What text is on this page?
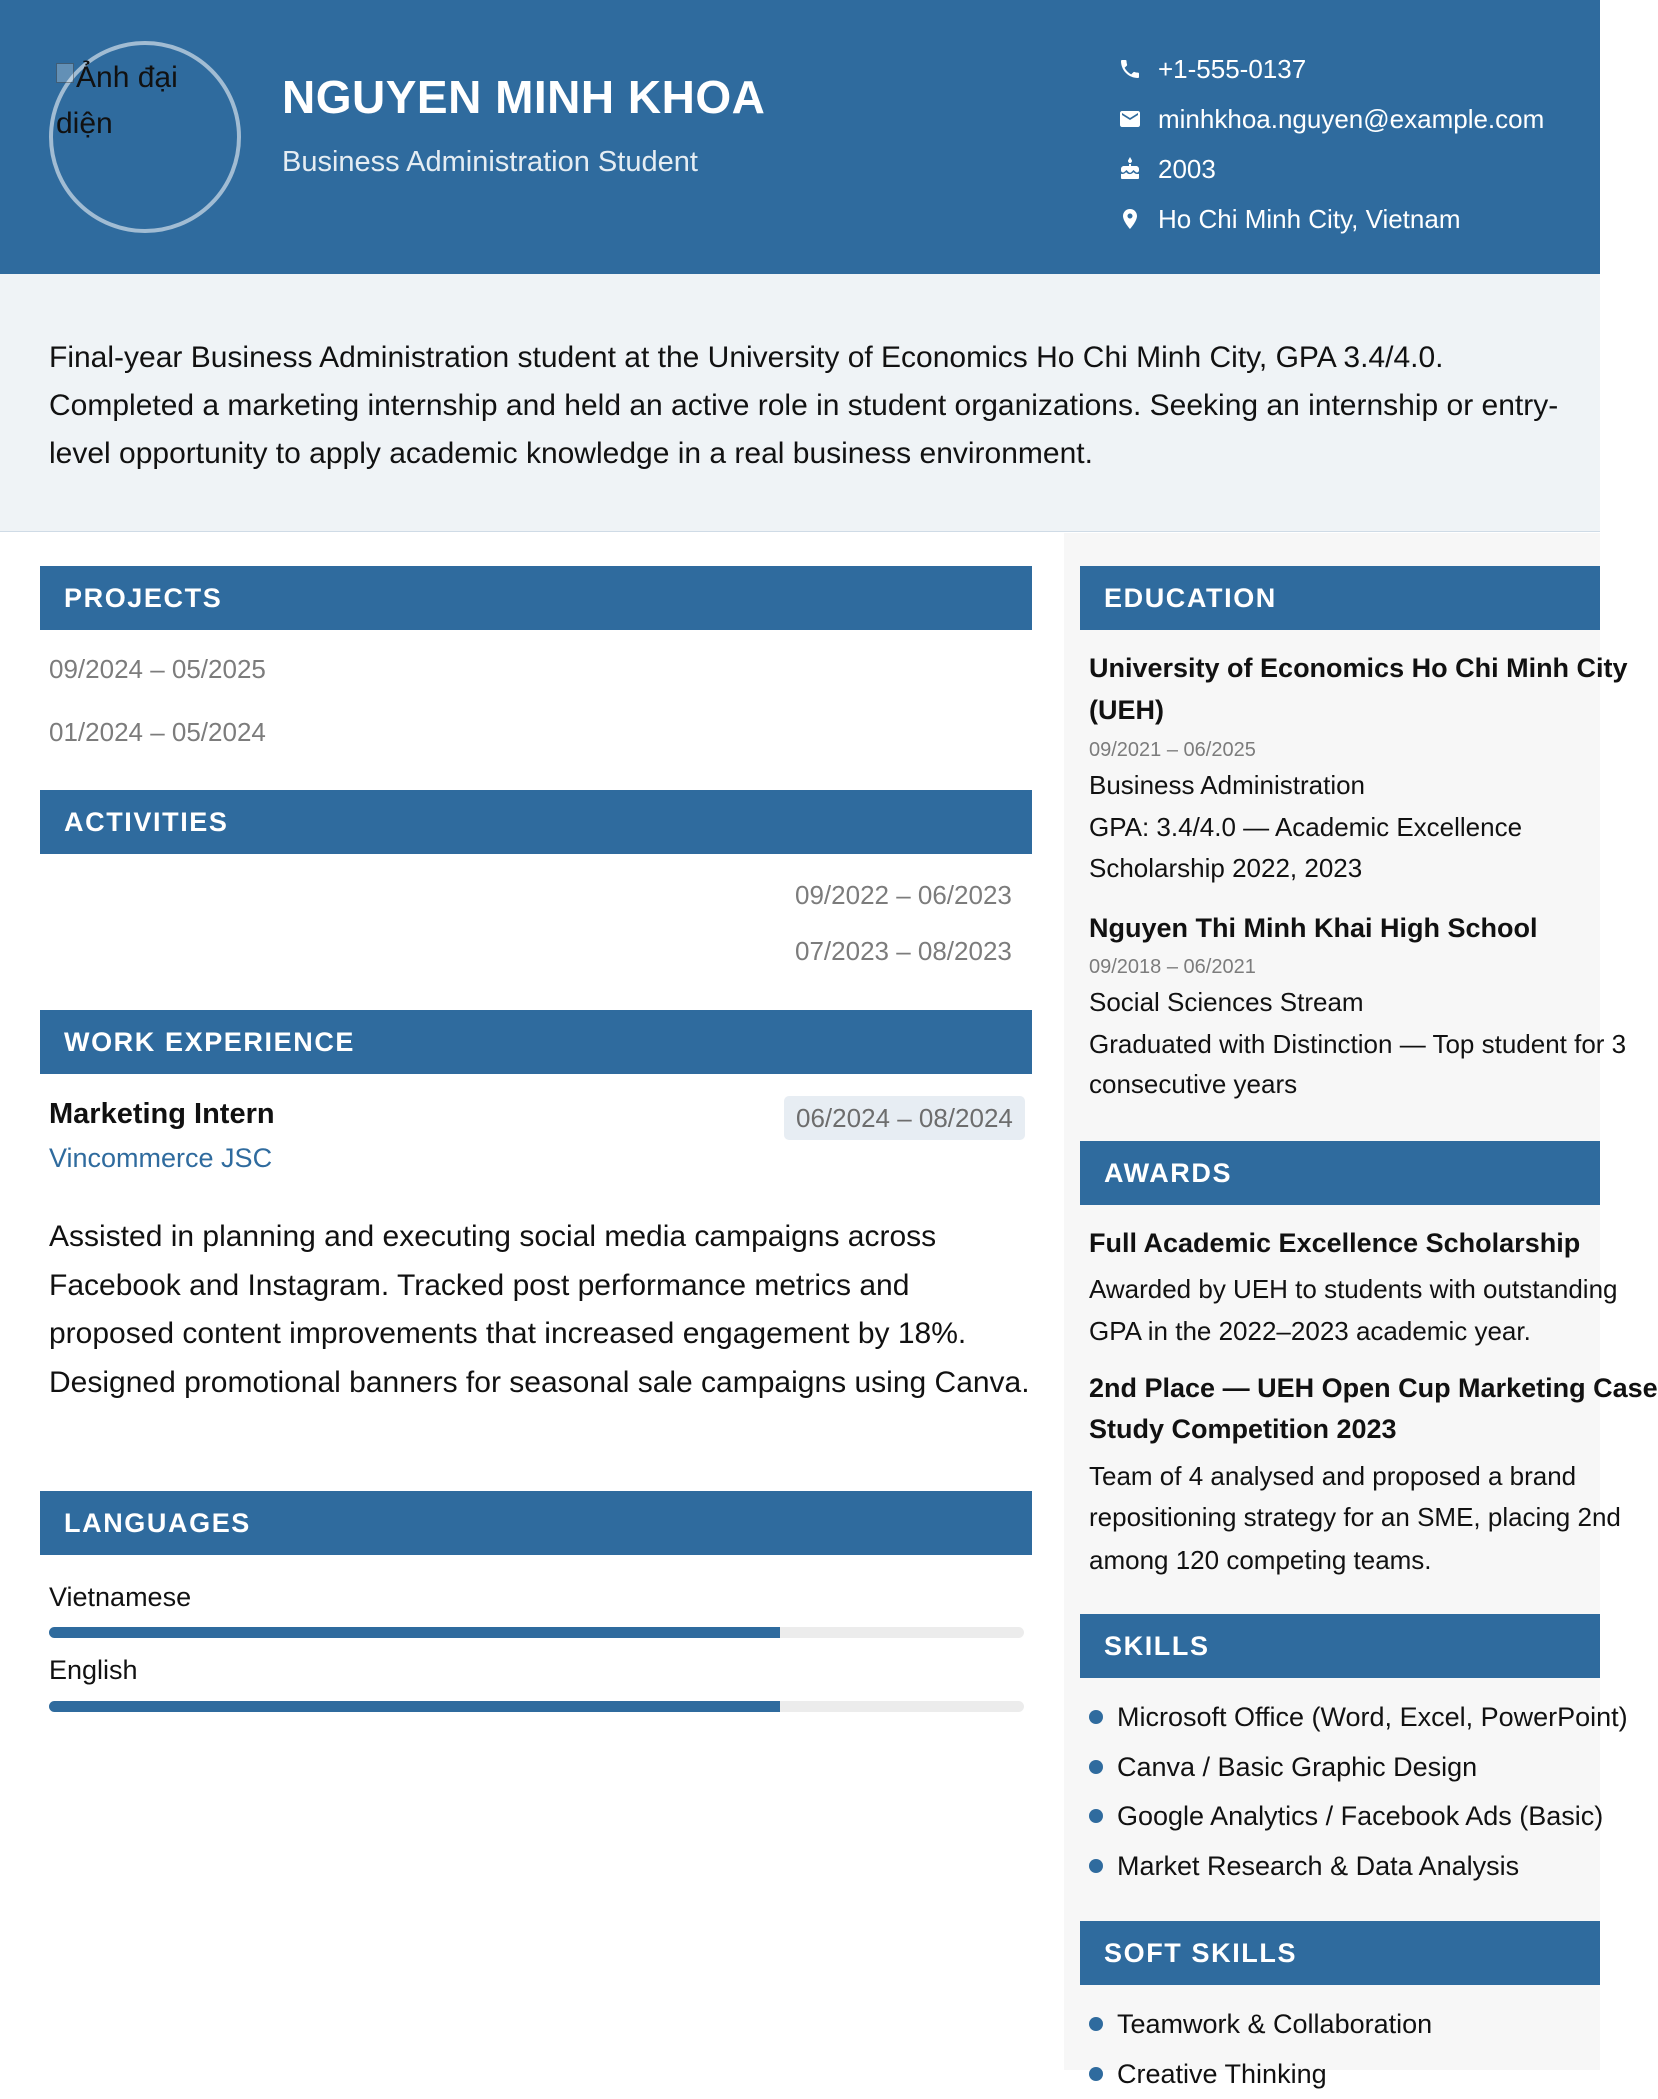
Ảnh đại
diện
NGUYEN MINH KHOA
Business Administration Student
+1-555-0137
minhkhoa.nguyen@example.com
2003
Ho Chi Minh City, Vietnam

Final-year Business Administration student at the University of Economics Ho Chi Minh City, GPA 3.4/4.0. Completed a marketing internship and held an active role in student organizations. Seeking an internship or entry-level opportunity to apply academic knowledge in a real business environment.

PROJECTS
09/2024 – 05/2025
01/2024 – 05/2024
ACTIVITIES
09/2022 – 06/2023
07/2023 – 08/2023
WORK EXPERIENCE
Marketing Intern	06/2024 – 08/2024
Vincommerce JSC
Assisted in planning and executing social media campaigns across Facebook and Instagram. Tracked post performance metrics and proposed content improvements that increased engagement by 18%. Designed promotional banners for seasonal sale campaigns using Canva.
LANGUAGES
Vietnamese
English
EDUCATION
University of Economics Ho Chi Minh City
(UEH)
09/2021 – 06/2025
Business Administration
GPA: 3.4/4.0 — Academic Excellence
Scholarship 2022, 2023
Nguyen Thi Minh Khai High School
09/2018 – 06/2021
Social Sciences Stream
Graduated with Distinction — Top student for 3
consecutive years
AWARDS
Full Academic Excellence Scholarship
Awarded by UEH to students with outstanding
GPA in the 2022–2023 academic year.
2nd Place — UEH Open Cup Marketing Case
Study Competition 2023
Team of 4 analysed and proposed a brand
repositioning strategy for an SME, placing 2nd
among 120 competing teams.
SKILLS
Microsoft Office (Word, Excel, PowerPoint)
Canva / Basic Graphic Design
Google Analytics / Facebook Ads (Basic)
Market Research & Data Analysis
SOFT SKILLS
Teamwork & Collaboration
Creative Thinking
